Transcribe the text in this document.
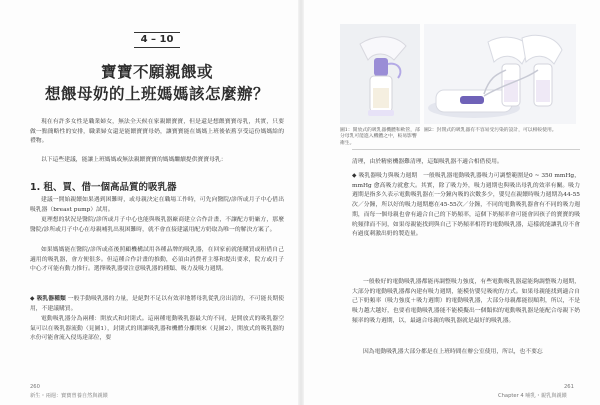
4 – 10
寶寶不願親餵或
想餵母奶的上班媽媽該怎麼辦？
現在有許多女性是職業婦女，無法全天候在家親餵寶寶，但是還是想餵寶寶母乳，其實，只要做一點簡略性的安排，職業婦女還是能餵寶寶母奶，讓寶寶能在媽媽上班後依舊享受這份媽媽給的禮物。
以下這些建議，能讓上班媽媽或無法親餵寶寶的媽媽繼續提供寶寶母乳：
1. 租、買、借一個高品質的吸乳器
建議一開始親餵如果遇到困難時，或母親決定在職場工作時，可先向醫院/診所或月子中心借出吸乳器（breast pump）試用。
更理想的狀況是醫院/診所或月子中心也能與吸乳器廠商建立合作計畫，不讓配方奶廠方，那麼醫院/診所或月子中心在母親哺乳出現困難時，就不會直接建議用配方奶取為唯一的解決方案了。
如果媽媽能在醫院/診所或產後照顧機構試用各種品牌的吸乳器，在回家前就能購買或租借自己適用的吸乳器，會方便很多。但這種合作計畫的推動，必須由消費者主導和提出要求，院方或月子中心才可能有動力推行。選擇吸乳器要注意吸乳器的種類、吸力及吸力週期。
◆ 吸乳器種類 一般手動吸乳器的力量，是絕對不足以有效率地將母乳從乳房出清的，不可能長期使用，不建議購買。
電動吸乳器分為兩種：開放式和封閉式。這兩種電動吸乳器最大的不同，是開放式的吸乳器空氣可以在吸乳器流動（見圖1），封閉式的則讓吸乳器和機體分離開來（見圖2），開放式的吸乳器的水份可能會流入侵馬達部位，要
260
新生・兩週：寶寶曾養自然與親餵
圖1：開放式的吸乳器機體和軟管，部分母乳可能進入機體之中，較易影響衛生。
圖2：封閉式的吸乳器有不容易受污染的設計，可以相較使用。
清理，由於精密機器難清理，這類吸乳器不適合相借使用。
◆ 吸乳器吸力與吸力週期　一般吸乳器電動吸乳器吸力可調整範圍是0 ~ 350 mmHg，mmHg 愈高吸力就愈大。其實，除了吸力外，吸力週期也與吸出母乳的效率有關。吸力週期是指多久表示電動吸乳器在一分鐘內吸的次數多少，嬰兒在親餵時吸力週期為44-55次／分鐘，所以好的吸力週期應在45-55次／分鐘，不同的電動吸乳器會有不同的吸力週期，而每一個母親也會有適合自己的下奶頻率，這個下奶頻率會可能會因孩子的寶寶的吸吮頻律而不同，如果母親能找到與自己下奶頻率相符的電動吸乳器，這樣就能讓乳房不會有過度刺激出奶的製造量。
一般較好的電動吸乳器都能再調整吸力強度，有些電動吸乳器還能夠調整吸力週期，大部分的電動吸乳器都內建有吸力週期，能模仿嬰兒吸吮的方式。如果母親能找到適合自己下奶頻率（吸力強度＋吸力週期）的電動吸乳器，大部分母親都能很順利，所以，不是吸力越大越好，也要看電動吸乳器能不能模擬出一個類似的電動吸乳器是能配合母親下奶頻率的吸力週期，以，最適合母親的吸乳器就是最好的吸乳器。
因為電動吸乳器大部分都是在上班時間在辦公室使用，所以，也不要忘
261
Chapter 4 哺乳・親乳與親餵
